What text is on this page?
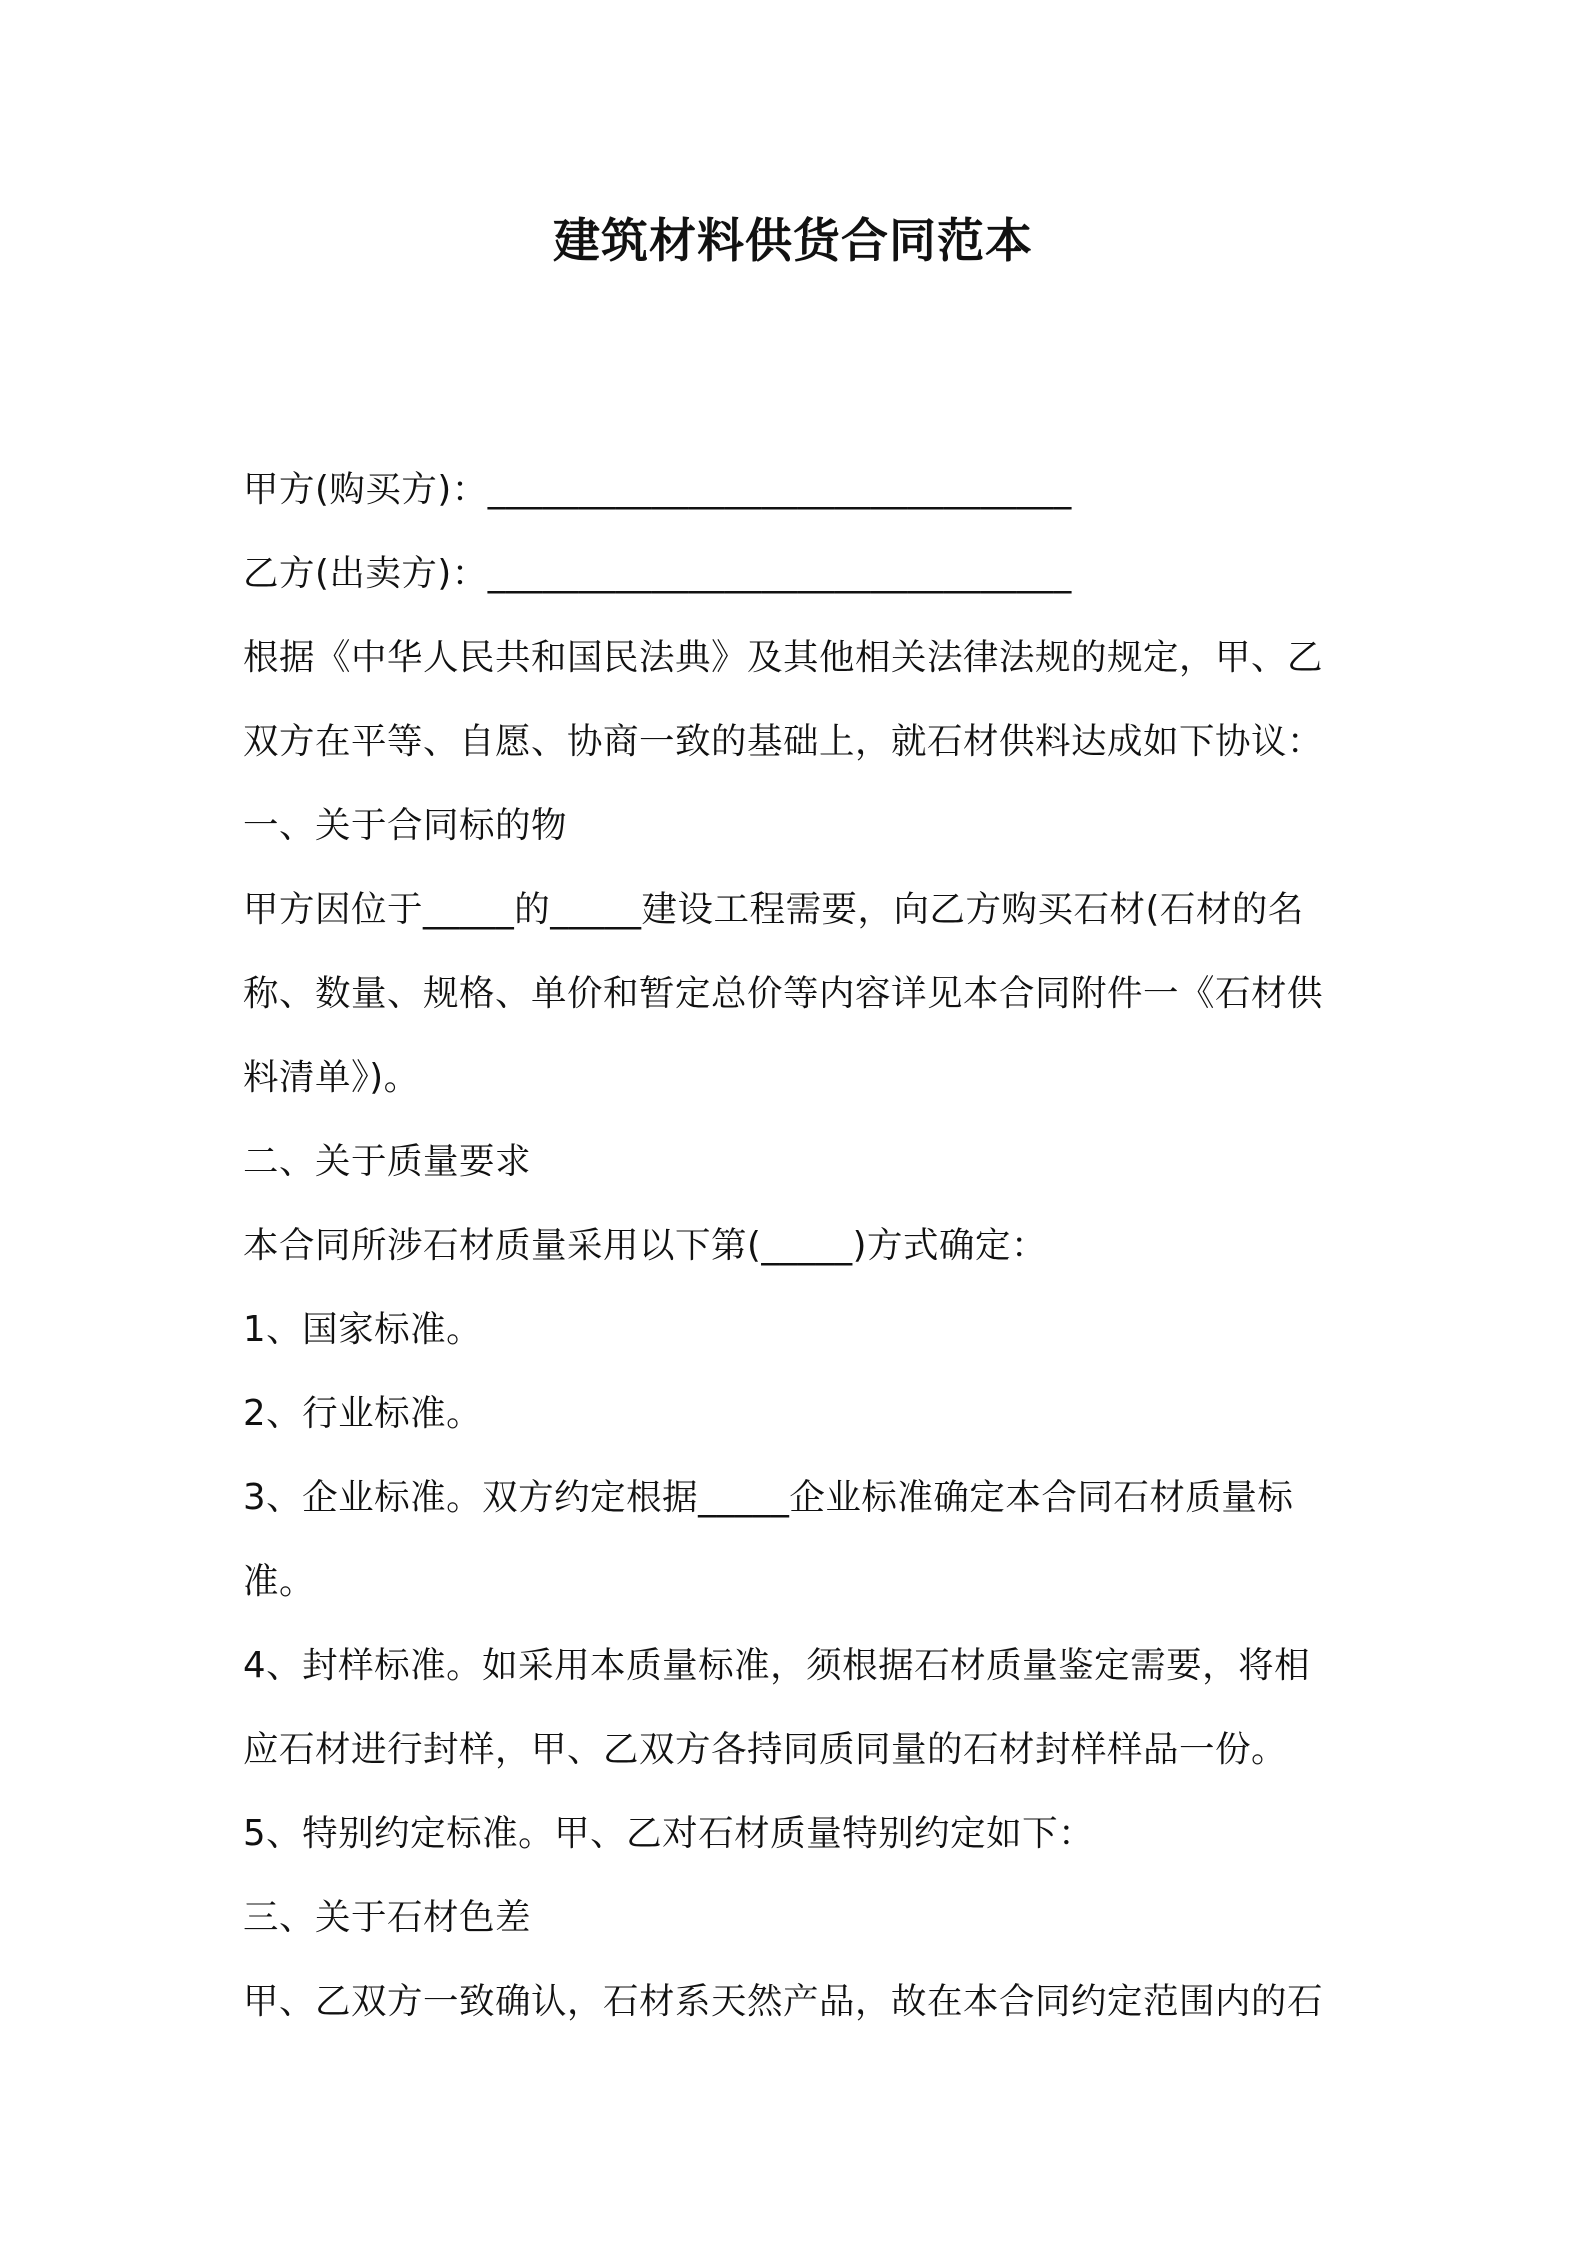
建筑材料供货合同范本
甲方(购买方)：________________________________
乙方(出卖方)：________________________________
根据《中华人民共和国民法典》及其他相关法律法规的规定，甲、乙
双方在平等、自愿、协商一致的基础上，就石材供料达成如下协议：
一、关于合同标的物
甲方因位于_____的_____建设工程需要，向乙方购买石材(石材的名
称、数量、规格、单价和暂定总价等内容详见本合同附件一《石材供
料清单》)。
二、关于质量要求
本合同所涉石材质量采用以下第(_____)方式确定：
1、国家标准。
2、行业标准。
3、企业标准。双方约定根据_____企业标准确定本合同石材质量标
准。
4、封样标准。如采用本质量标准，须根据石材质量鉴定需要，将相
应石材进行封样，甲、乙双方各持同质同量的石材封样样品一份。
5、特别约定标准。甲、乙对石材质量特别约定如下：
三、关于石材色差
甲、乙双方一致确认，石材系天然产品，故在本合同约定范围内的石
